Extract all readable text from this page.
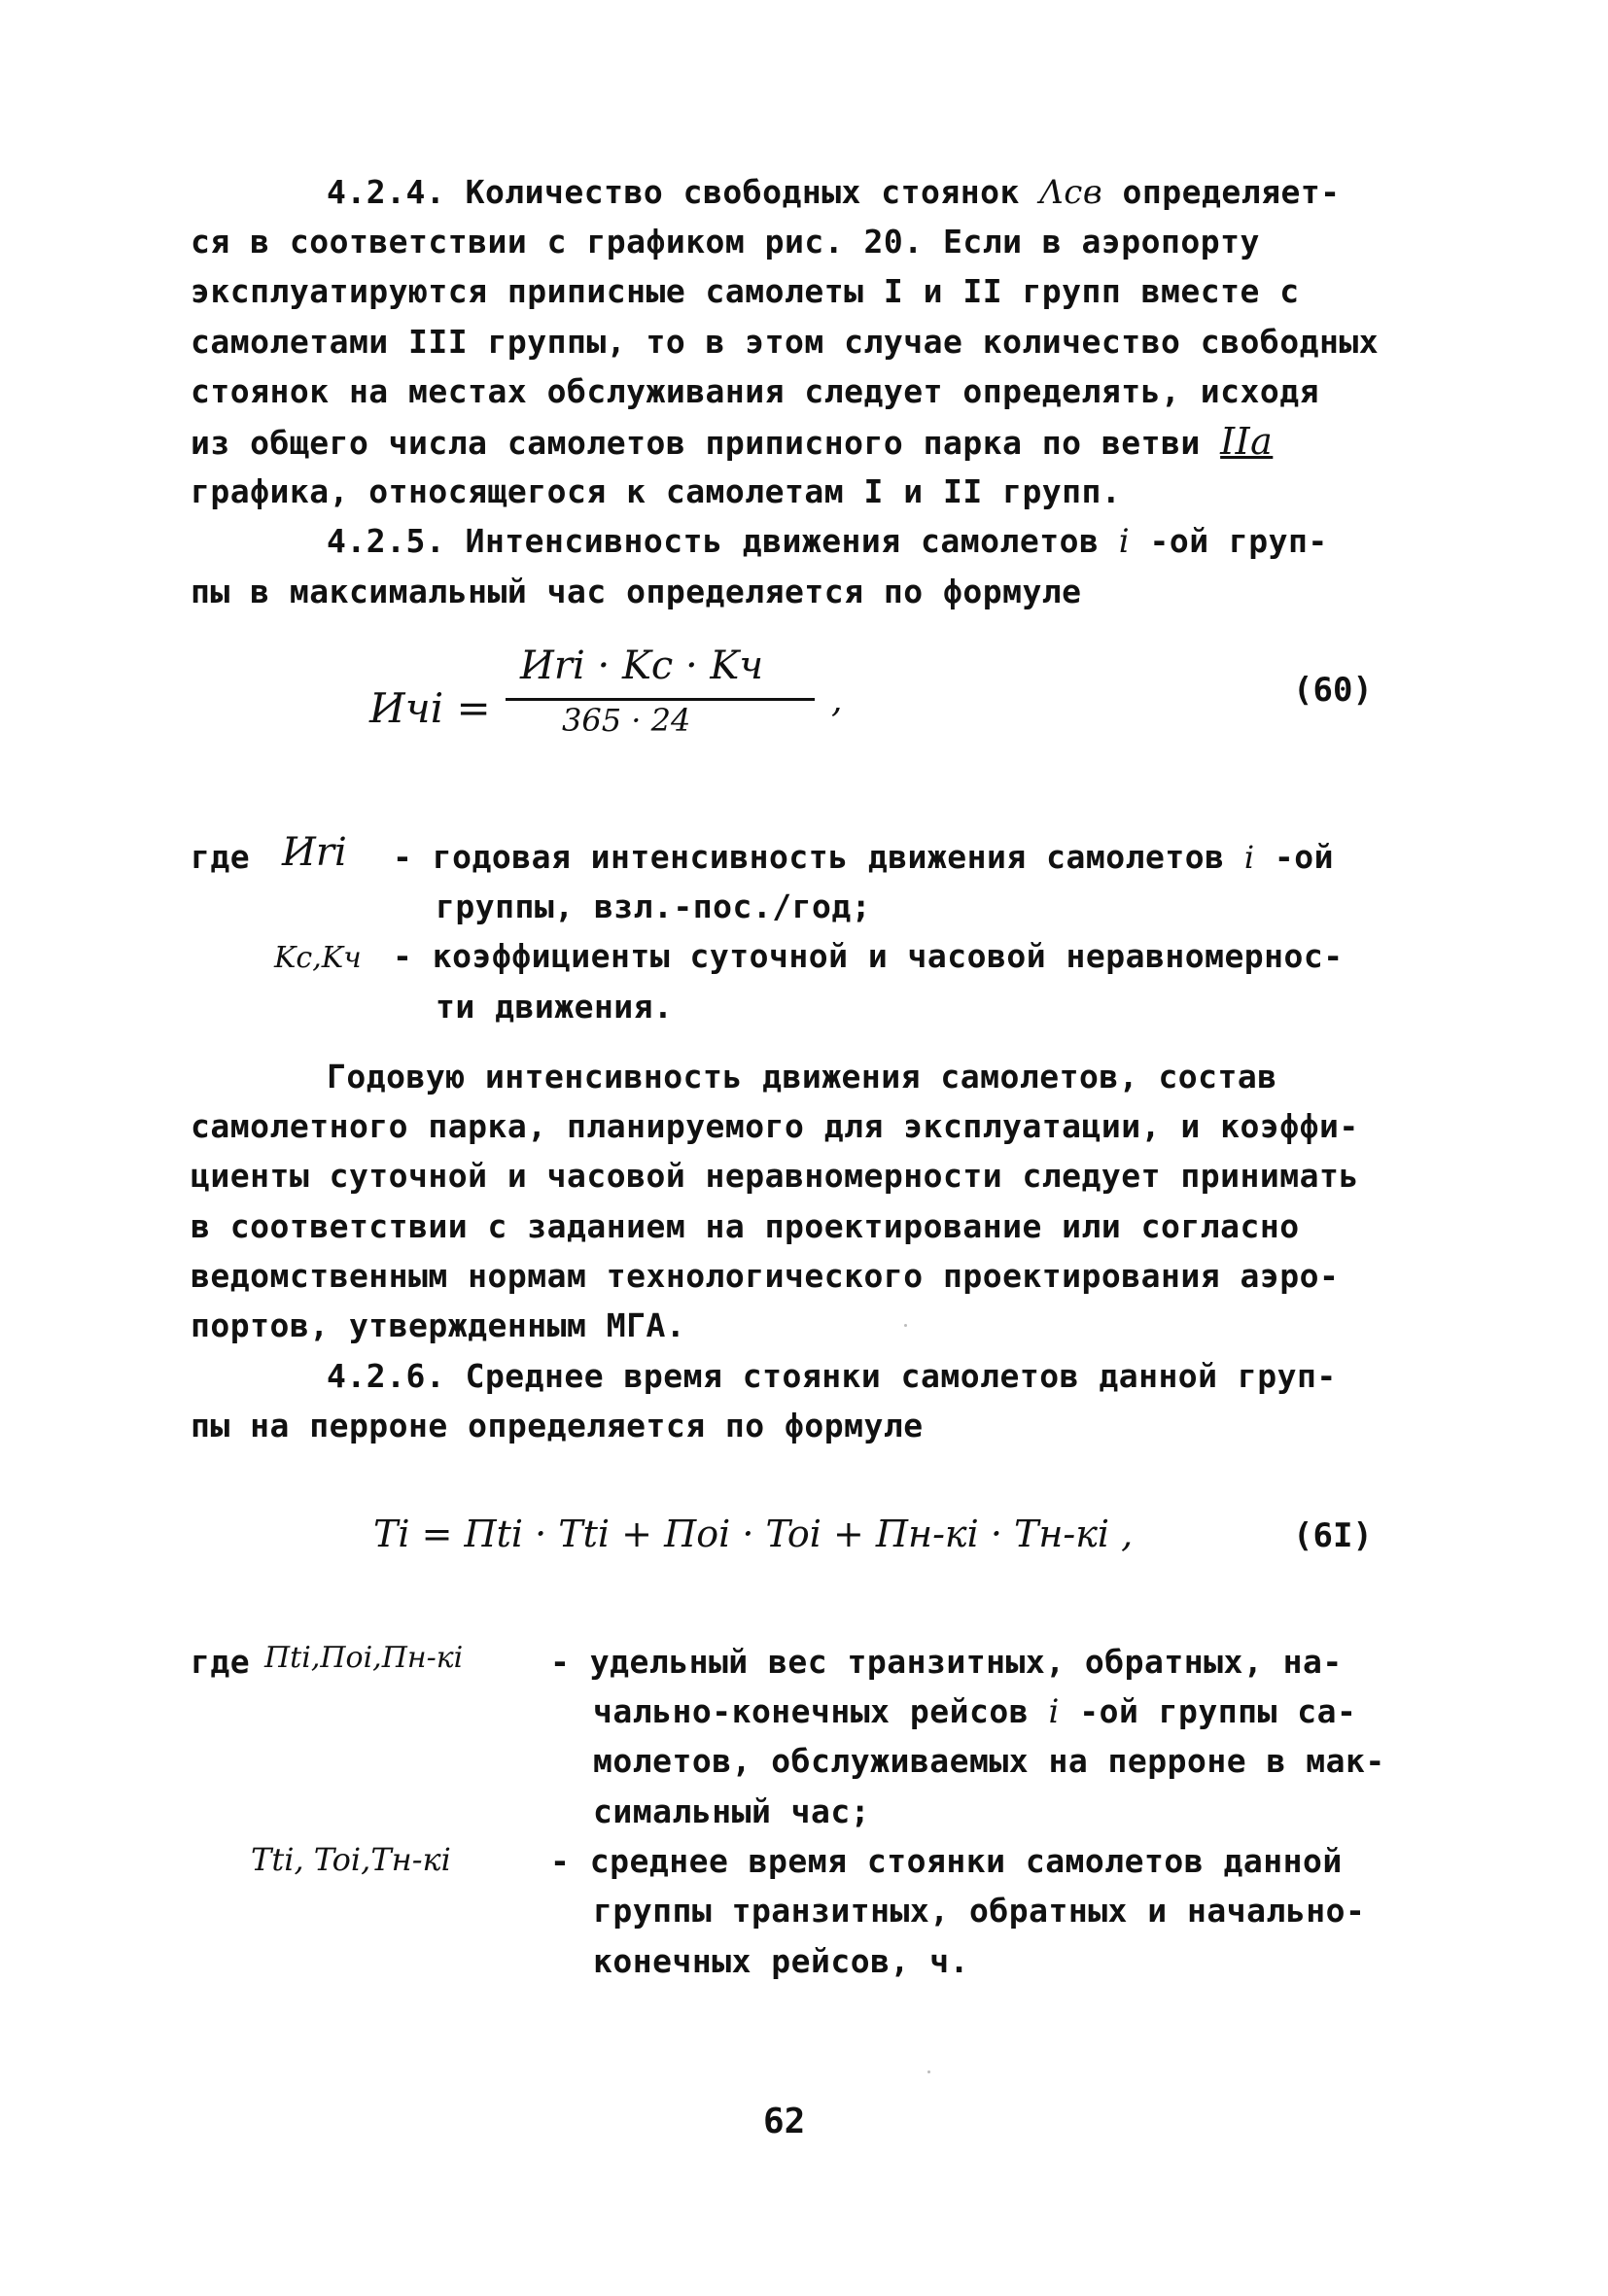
4.2.4. Количество свободных стоянок Λсв определяет-
ся в соответствии с графиком рис. 20. Если в аэропорту
эксплуатируются приписные самолеты I и II групп вместе с
самолетами III группы, то в этом случае количество свободных
стоянок на местах обслуживания следует определять, исходя
из общего числа самолетов приписного парка по ветви IIa
графика, относящегося к самолетам I и II групп.
4.2.5. Интенсивность движения самолетов i -ой груп-
пы в максимальный час определяется по формуле
Ичi =
Иri · Kc · Kч
365 · 24	,	(60)
где Иri - годовая интенсивность движения самолетов i -ой
группы, взл.-пос./год;
Kc,Kч - коэффициенты суточной и часовой неравномернос-
ти движения.
Годовую интенсивность движения самолетов, состав
самолетного парка, планируемого для эксплуатации, и коэффи-
циенты суточной и часовой неравномерности следует принимать
в соответствии с заданием на проектирование или согласно
ведомственным нормам технологического проектирования аэро-
портов, утвержденным МГА.
4.2.6. Среднее время стоянки самолетов данной груп-
пы на перроне определяется по формуле
Ti = Пti · Tti + Поi · Toi + Пн-кi · Тн-кi ,	(6I)
где Пti,Поi,Пн-кi	- удельный вес транзитных, обратных, на-
чально-конечных рейсов i -ой группы са-
молетов, обслуживаемых на перроне в мак-
симальный час;
Tti, Toi,Тн-кi	- среднее время стоянки самолетов данной
группы транзитных, обратных и начально-
конечных рейсов, ч.
62
